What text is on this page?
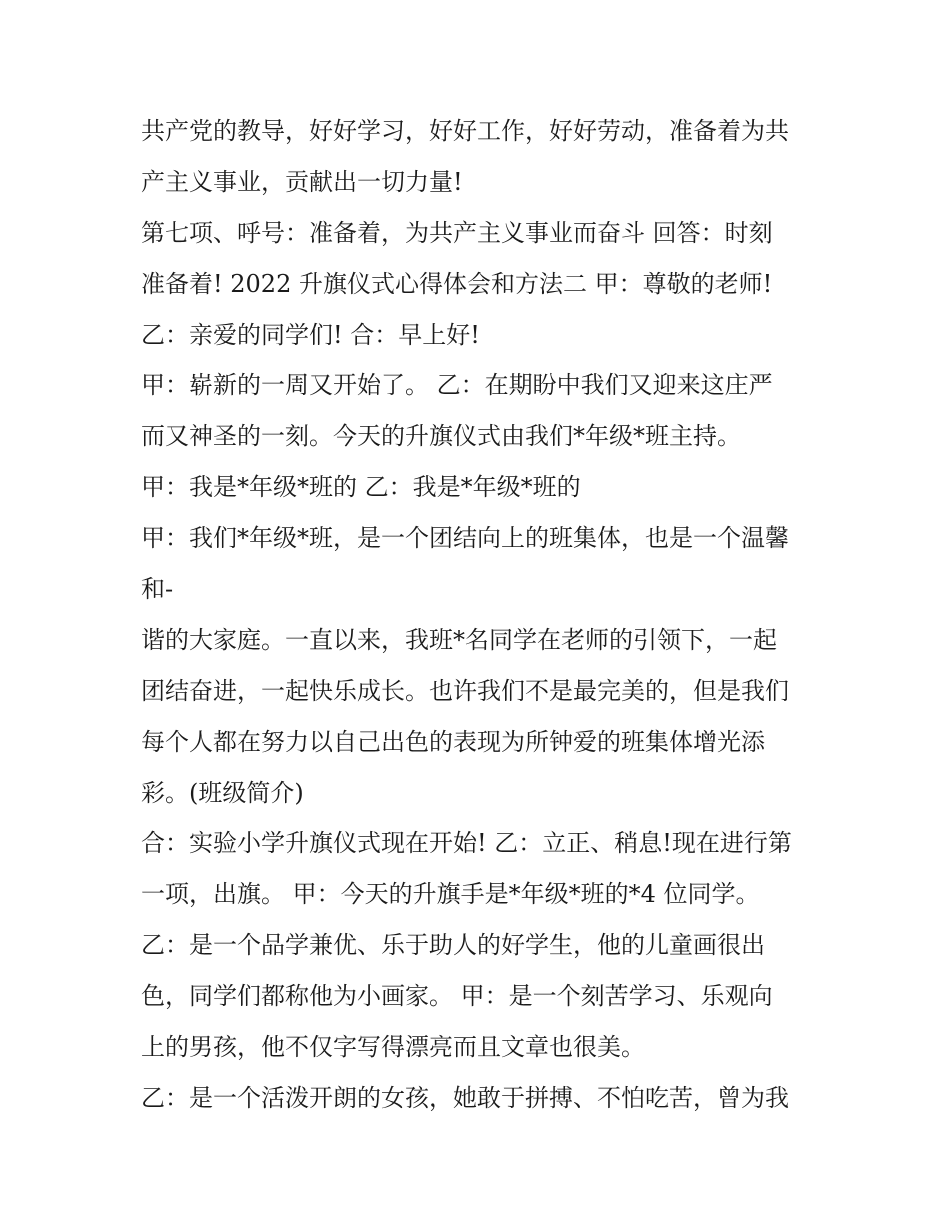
共产党的教导，好好学习，好好工作，好好劳动，准备着为共
产主义事业，贡献出一切力量!
第七项、呼号：准备着，为共产主义事业而奋斗 回答：时刻
准备着! 2022 升旗仪式心得体会和方法二 甲：尊敬的老师!
乙：亲爱的同学们! 合：早上好!
甲：崭新的一周又开始了。 乙：在期盼中我们又迎来这庄严
而又神圣的一刻。今天的升旗仪式由我们*年级*班主持。
甲：我是*年级*班的 乙：我是*年级*班的
甲：我们*年级*班，是一个团结向上的班集体，也是一个温馨
和-
谐的大家庭。一直以来，我班*名同学在老师的引领下，一起
团结奋进，一起快乐成长。也许我们不是最完美的，但是我们
每个人都在努力以自己出色的表现为所钟爱的班集体增光添
彩。(班级简介)
合：实验小学升旗仪式现在开始! 乙：立正、稍息!现在进行第
一项，出旗。 甲：今天的升旗手是*年级*班的*4 位同学。
乙：是一个品学兼优、乐于助人的好学生，他的儿童画很出
色，同学们都称他为小画家。 甲：是一个刻苦学习、乐观向
上的男孩，他不仅字写得漂亮而且文章也很美。
乙：是一个活泼开朗的女孩，她敢于拼搏、不怕吃苦，曾为我
